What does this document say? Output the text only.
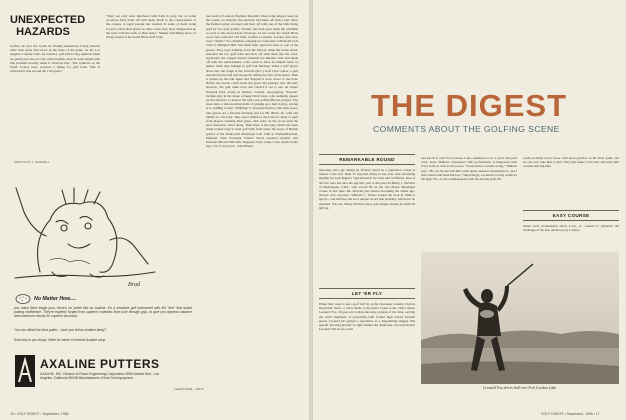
UNEXPECTED HAZARDS
Golfers all over the world are finding themselves facing hazards other than those laid down in the rules of the game. At the Los Angeles Country Club, for instance, golf-ball-loving squirrels insist on getting into the act. The club's bedlam, dealt at some length with this problem recently when it observed that, "The squirrels on the South Course have acquired a liking for golf balls. This is particularly true around the 11th green."
"They not only have interfered with balls in play, but on some occasions have made off with them, much to the consternation of the owners. A rapid pursuit has resulted in some of them being forced to drop their prizes. In other cases, they have disappeared up the trees with the balls to their nests." Similar ball-lifting havoc is being created at the South Herts Golf Club,
just north of London, England. Recently when some players went on the course, no surprise, the squirrels had taken off with a ball. Once the fielded terrier swooped and flew off with one of the balls being used by two lady golfers. Further, the birds gave them the windmill as well as the second-hole driveway. At last count the South Herts crows had collected 210 balls. Golfers at another London club once were "raided." Two members, playing in a foursome at Pickwell Golf Club of Hampton Hill, had made their approach shots to one of the greens. They were walking down the fairway when the swine dived, snatched the two golf balls and flew off with them into the trees. Anchored, the winged thieves returned ten minutes later and made off with the replacements. Colts seem to have an impish sense of humor when they indulge in golf ball thieving. When a golf player drove into the rough at the Victoria (B.C.) Golf Club course, a gull snatched up the ball and dropped it within two feet of the green. Then it picked up the ball again and dropped it even closer to the hole. Before the rescue could reach the green and perhaps onto the ball, however, the gull came back and carried it out to sea. At Jasper National Park course in Alberta, Canada, eye-popping "hazards" include play in the shape of huge black bears, who suddenly appear on the fairways to inspect the balls and golfswaffle the players. The bears have a disconcerting habit of picking up a ball in play, staring at it, sniffing it, then "dribbling" it along the fairway with their noses. The greens are a favorite morning spot for Mr. Bruin. So, wife and family on a hot day. They enact tribute to the form of candy or gum from players tracking their grass, then relax on the wood until the next foursome comes along. Then there is the gang which has been using trained dogs to steal golf balls from under the noses of British golfers at the Wentworth Municipal Golf Club in Northumberland, England. Club President Charles Wood reported recently that between 200 and 300 balls disappear every week, a loss which would buy a lot of dog food.—Paul Brand
SKETCH BY L. WADDELL
Brad
No Matter How....
you make them tough pros, there's no putter like an Axaline. It's a sensitive golf instrument with the "feel" that builds putting confidence. They're expertly forged from superior materials from sole through grip...to give you dynamic balance and maximum results for superior accuracy.
You can afford the best putter....have you felt an Axaline lately?
Sold only in pro shops. Write for name of nearest Axaline shop.
AXALINE PUTTERS
AXALINE, INC. Division of Rowe Engineering Corporation 4090 Axaline Bvd., Los Angeles, California 90045 Manufacturers of fine Golf equipment
Closed 25-TW40 — 1967 ft.
16 • GOLF DIGEST • September, 1966
THE DIGEST
COMMENTS ABOUT THE GOLFING SCENE
REMARKABLE ROUND
Shooting one's age during an 18-hole round on a regulation course is indeed a rare feat. Only 31 reported doing so last year, thus becoming eligible for Golf Digest's "age-shooters" tie clasp and certificate. One of the few who has shot his age this year is 90-year-old Henry J. DeVries of Burlingame, Calif., who scored 90 on the San Mateo Municipal course in late June. Mr. DeVries just missed becoming the oldest age-shooter ever reported—William C. Waters turned the trick in 1964 at age 91—but DeVries did set a unique record that probably will never be matched. You see, Henry DeVries plays golf despite having an artificial left leg.
LET 'ER FLY
When they want to see a golf ball fly at the Cherokee Country Club in Knoxville, Tenn., a call is made to the men's locker room. That's where Leonard Fox, 26-year-old wallop-throwing student of his time, serving the club's members. A powerfully-built former high school football guard, Leonard has gained a reputation as a long-hitting slugger. His special "proving ground" is right behind the clubhouse. Upon invitation Leonard will tee up a ball
and knock it over Fort Loudon Lake, estimated to be a good 345-yard carry. Gene Timbers, Cherokee's club professional, is impressed with Fox's form as well as his power. "Leonard has a sound swing," Timbers says. "He can hit the ball 400 yards under unusual circumstances, and I don't mean with head fairway." Surprisingly, Leonard's scoring results in the high 70s—it not commensurate with his driving skill. He
could probably move lower with more practice on his short game, but no one ever asks him to putt. They just make a few bets and hand him towards that big lake.
EASY COURSE
When local professional Davis Love, Jr., wanted to publicize the challenge of his new Atlanta (Ga.) Country
Leonard Fox drives ball over Fort Loudon Lake.
GOLF DIGEST • September, 1966 • 17
